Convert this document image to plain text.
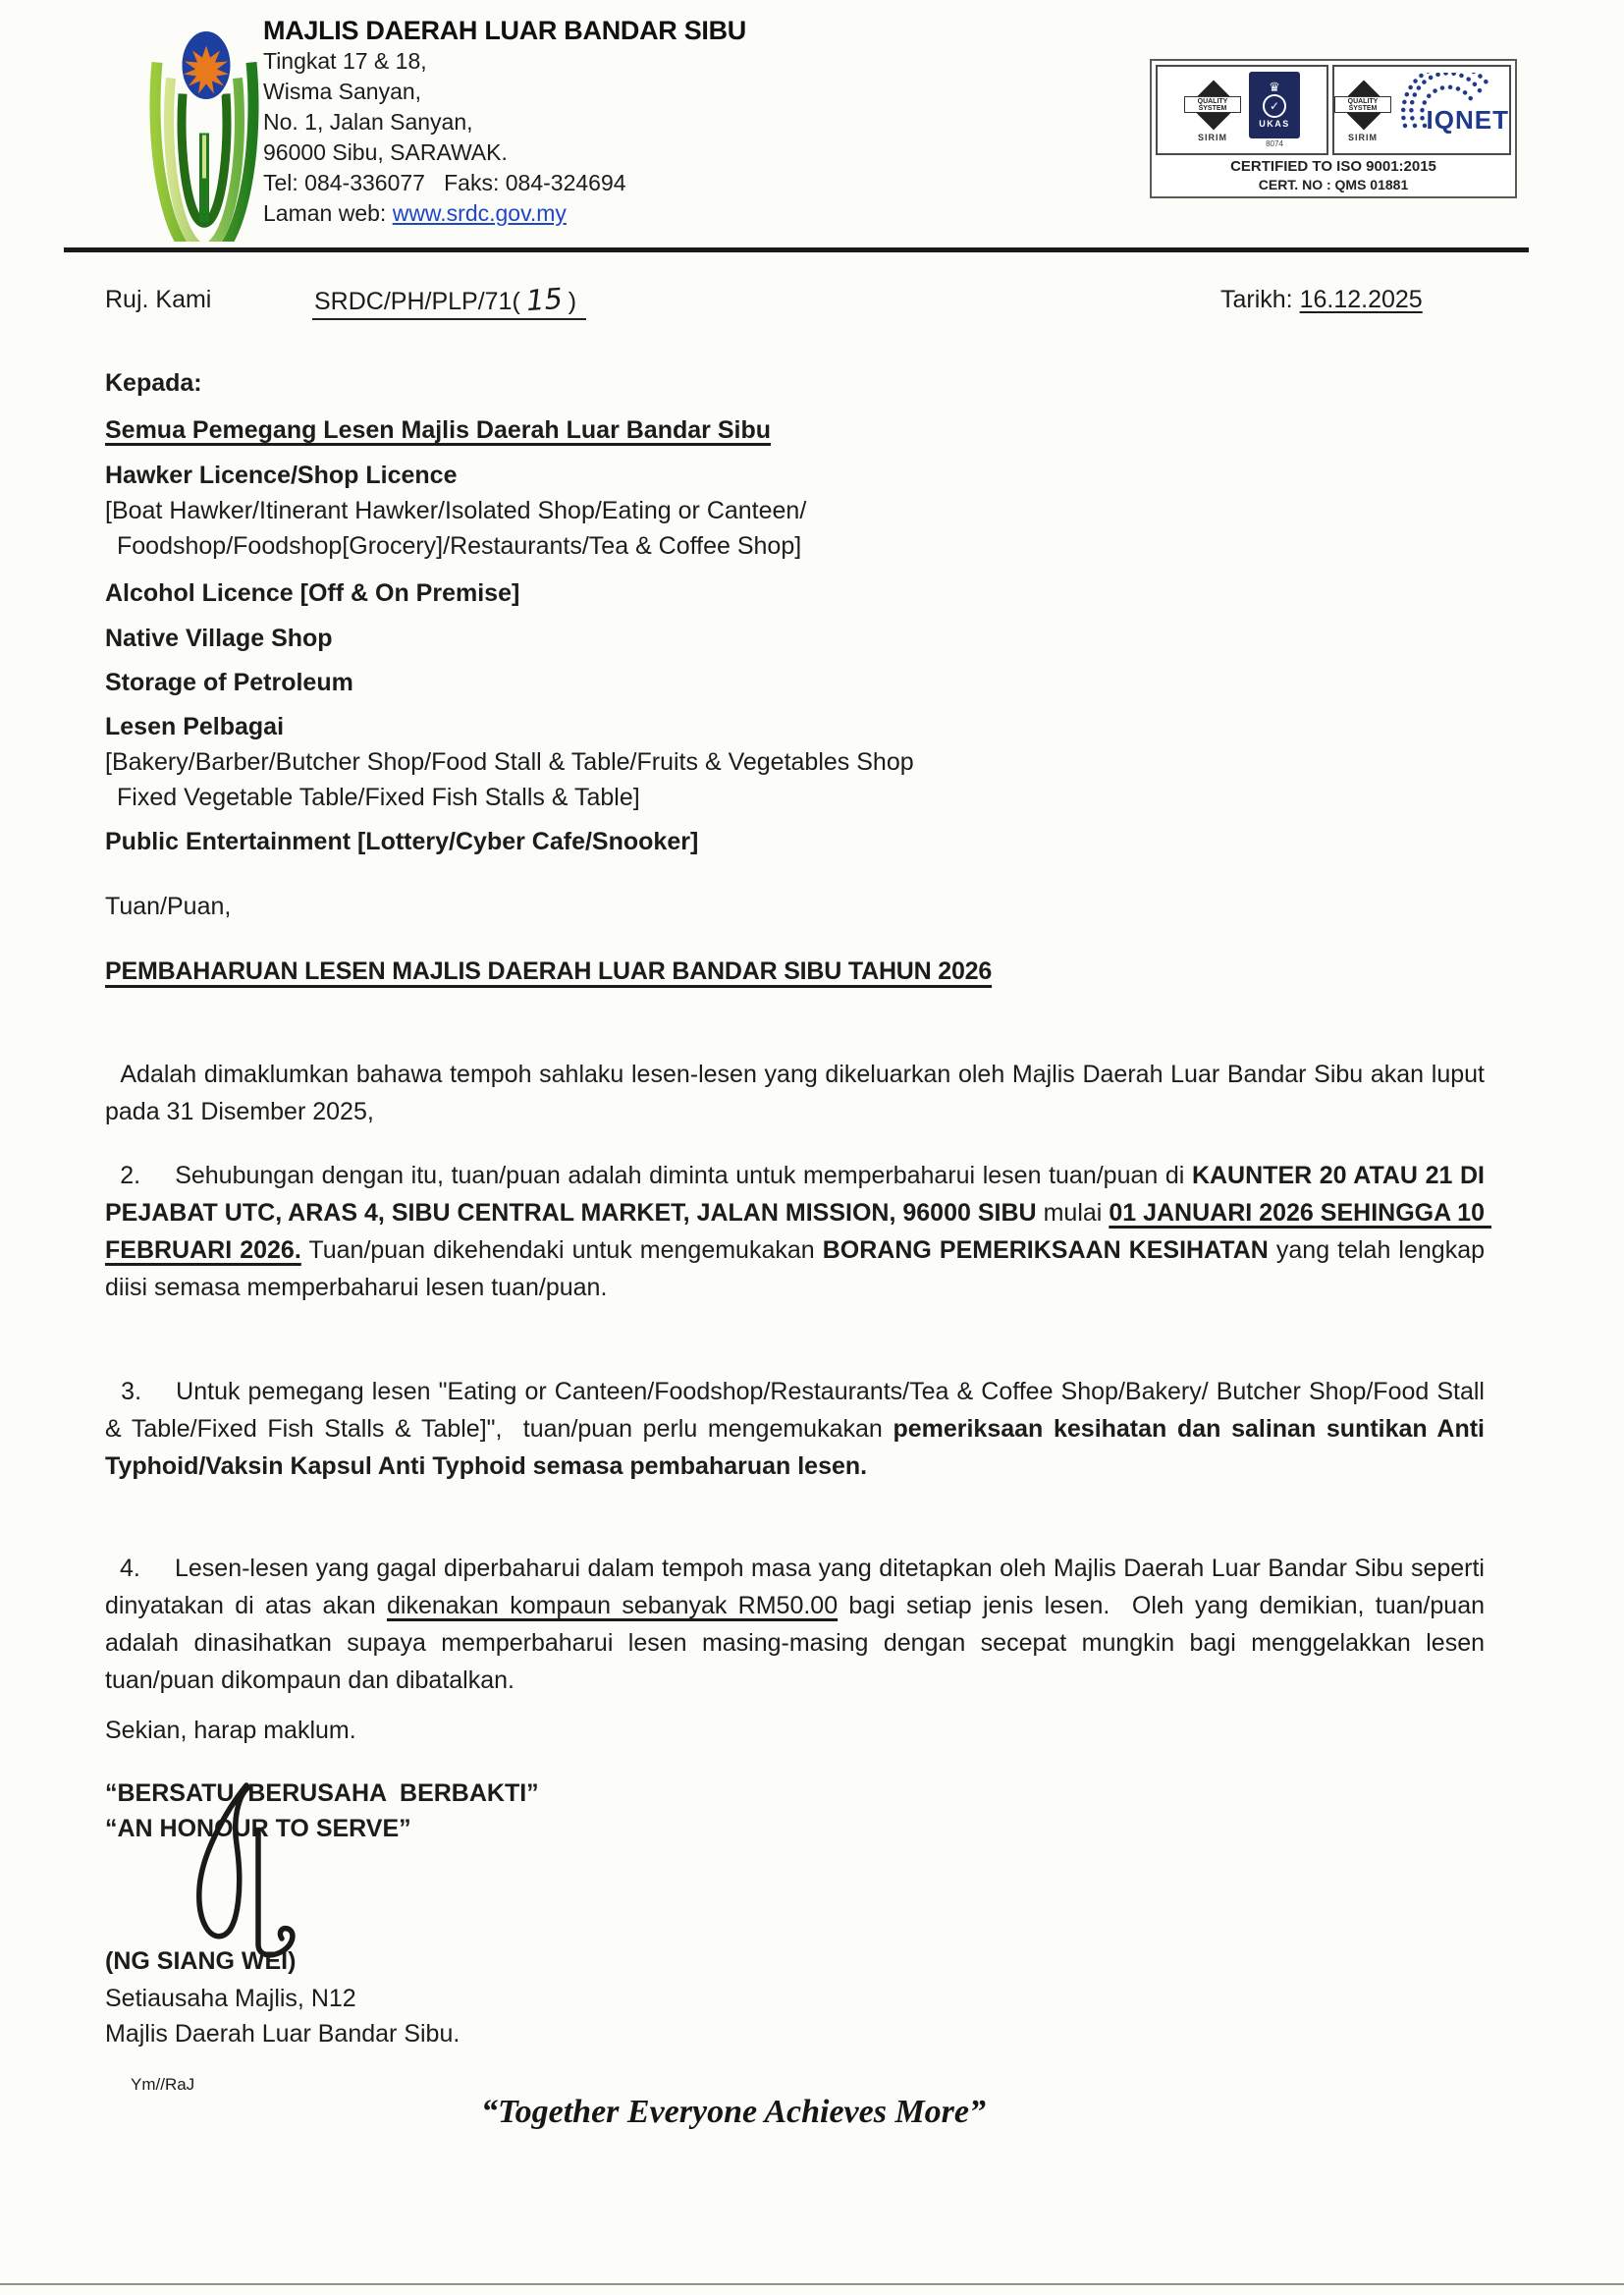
MAJLIS DAERAH LUAR BANDAR SIBU
Tingkat 17 & 18,
Wisma Sanyan,
No. 1, Jalan Sanyan,
96000 Sibu, SARAWAK.
Tel: 084-336077   Faks: 084-324694
Laman web: www.srdc.gov.my
QUALITY
SYSTEM
SIRIM
♛
✓
UKAS
8074
QUALITY
SYSTEM
SIRIM
IQNET
CERTIFIED TO ISO 9001:2015
CERT. NO : QMS 01881
Ruj. Kami	SRDC/PH/PLP/71( 15 )	Tarikh: 16.12.2025
Kepada:
Semua Pemegang Lesen Majlis Daerah Luar Bandar Sibu
Hawker Licence/Shop Licence
[Boat Hawker/Itinerant Hawker/Isolated Shop/Eating or Canteen/
Foodshop/Foodshop[Grocery]/Restaurants/Tea & Coffee Shop]
Alcohol Licence [Off & On Premise]
Native Village Shop
Storage of Petroleum
Lesen Pelbagai
[Bakery/Barber/Butcher Shop/Food Stall & Table/Fruits & Vegetables Shop
Fixed Vegetable Table/Fixed Fish Stalls & Table]
Public Entertainment [Lottery/Cyber Cafe/Snooker]
Tuan/Puan,
PEMBAHARUAN LESEN MAJLIS DAERAH LUAR BANDAR SIBU TAHUN 2026

Adalah dimaklumkan bahawa tempoh sahlaku lesen-lesen yang dikeluarkan oleh Majlis Daerah Luar Bandar Sibu akan luput pada 31 Disember 2025,

2. Sehubungan dengan itu, tuan/puan adalah diminta untuk memperbaharui lesen tuan/puan di KAUNTER 20 ATAU 21 DI PEJABAT UTC, ARAS 4, SIBU CENTRAL MARKET, JALAN MISSION, 96000 SIBU mulai 01 JANUARI 2026 SEHINGGA 10 FEBRUARI 2026. Tuan/puan dikehendaki untuk mengemukakan BORANG PEMERIKSAAN KESIHATAN yang telah lengkap diisi semasa memperbaharui lesen tuan/puan.

3. Untuk pemegang lesen "Eating or Canteen/Foodshop/Restaurants/Tea & Coffee Shop/Bakery/ Butcher Shop/Food Stall & Table/Fixed Fish Stalls & Table]",  tuan/puan perlu mengemukakan pemeriksaan kesihatan dan salinan suntikan Anti Typhoid/Vaksin Kapsul Anti Typhoid semasa pembaharuan lesen.

4. Lesen-lesen yang gagal diperbaharui dalam tempoh masa yang ditetapkan oleh Majlis Daerah Luar Bandar Sibu seperti dinyatakan di atas akan dikenakan kompaun sebanyak RM50.00 bagi setiap jenis lesen.  Oleh yang demikian, tuan/puan adalah dinasihatkan supaya memperbaharui lesen masing-masing dengan secepat mungkin bagi menggelakkan lesen tuan/puan dikompaun dan dibatalkan.

Sekian, harap maklum.
“BERSATU  BERUSAHA  BERBAKTI”
“AN HONOUR TO SERVE”
(NG SIANG WEI)
Setiausaha Majlis, N12
Majlis Daerah Luar Bandar Sibu.
Ym//RaJ
“Together Everyone Achieves More”
